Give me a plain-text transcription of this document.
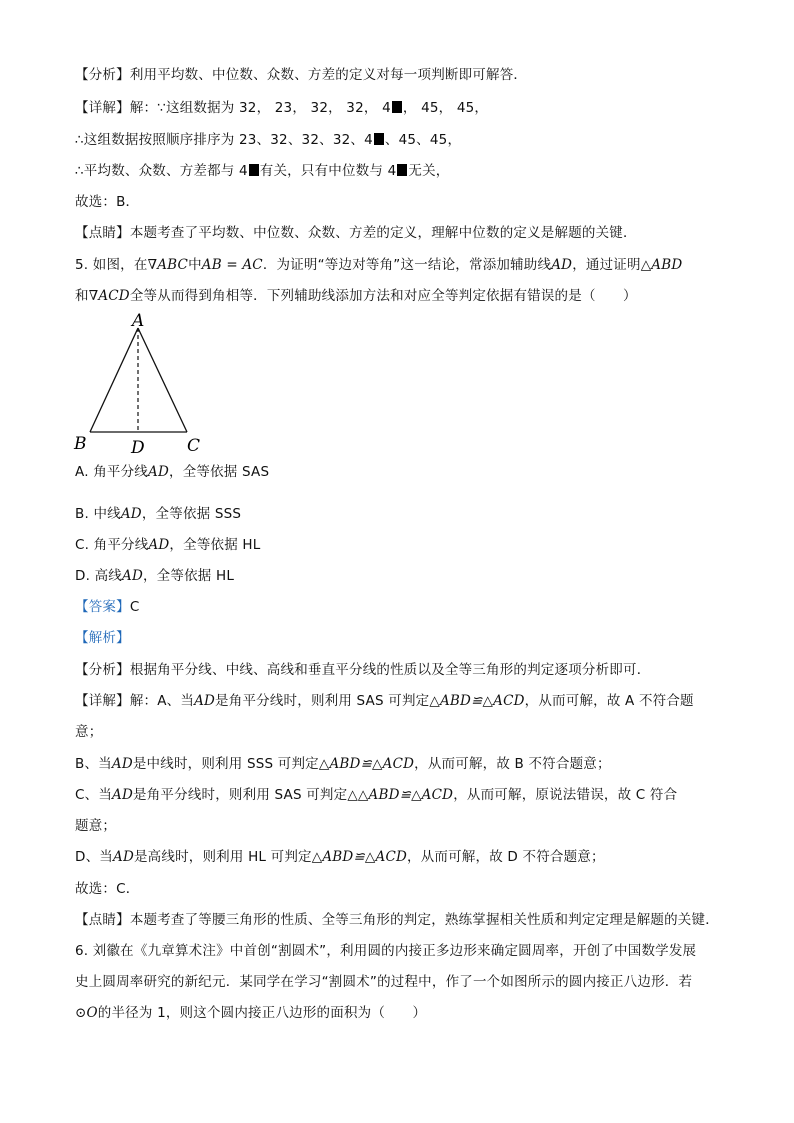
【分析】利用平均数、中位数、众数、方差的定义对每一项判断即可解答．
【详解】解：∵这组数据为 32， 23， 32， 32， 4 ， 45， 45，
∴这组数据按照顺序排序为 23、32、32、32、4 、45、45，
∴平均数、众数、方差都与 4 有关，只有中位数与 4 无关，
故选：B．
【点睛】本题考查了平均数、中位数、众数、方差的定义，理解中位数的定义是解题的关键．
5. 如图，在∇ABC中AB = AC．为证明“等边对等角”这一结论，常添加辅助线AD，通过证明△ABD
和∇ACD全等从而得到角相等．下列辅助线添加方法和对应全等判定依据有错误的是（　　）
A
B	C
D
A. 角平分线AD，全等依据 SAS
B. 中线AD，全等依据 SSS
C. 角平分线AD，全等依据 HL
D. 高线AD，全等依据 HL
【答案】C
【解析】
【分析】根据角平分线、中线、高线和垂直平分线的性质以及全等三角形的判定逐项分析即可．
【详解】解：A、当AD是角平分线时，则利用 SAS 可判定△ABD≌△ACD，从而可解，故 A 不符合题
意；
B、当AD是中线时，则利用 SSS 可判定△ABD≌△ACD，从而可解，故 B 不符合题意；
C、当AD是角平分线时，则利用 SAS 可判定△△ABD≌△ACD，从而可解，原说法错误，故 C 符合
题意；
D、当AD是高线时，则利用 HL 可判定△ABD≌△ACD，从而可解，故 D 不符合题意；
故选：C．
【点睛】本题考查了等腰三角形的性质、全等三角形的判定，熟练掌握相关性质和判定定理是解题的关键．
6. 刘徽在《九章算术注》中首创“割圆术”，利用圆的内接正多边形来确定圆周率，开创了中国数学发展
史上圆周率研究的新纪元．某同学在学习“割圆术”的过程中，作了一个如图所示的圆内接正八边形．若
⊙O的半径为 1，则这个圆内接正八边形的面积为（　　）
